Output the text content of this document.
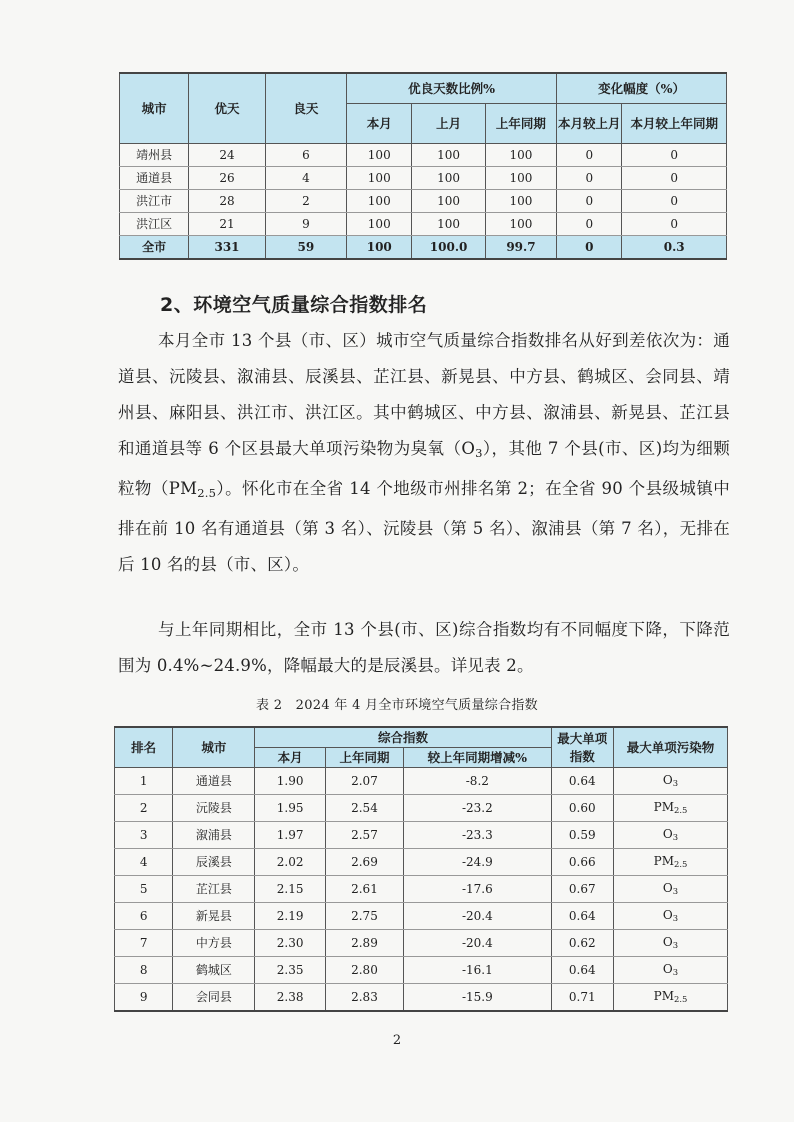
城市	优天	良天	优良天数比例%			变化幅度（%）	
			本月	上月	上年同期	本月较上月	本月较上年同期
靖州县	24	6	100	100	100	0	0
通道县	26	4	100	100	100	0	0
洪江市	28	2	100	100	100	0	0
洪江区	21	9	100	100	100	0	0
全市	331	59	100	100.0	99.7	0	0.3
2、环境空气质量综合指数排名
本月全市 13 个县（市、区）城市空气质量综合指数排名从好到差依次为：通道县、沅陵县、溆浦县、辰溪县、芷江县、新晃县、中方县、鹤城区、会同县、靖州县、麻阳县、洪江市、洪江区。其中鹤城区、中方县、溆浦县、新晃县、芷江县和通道县等 6 个区县最大单项污染物为臭氧$(O_3)$，其他 7 个县(市、区)均为细颗粒物$(PM_{2.5})$。怀化市在全省 14 个地级市州排名第 2；在全省 90 个县级城镇中排在前 10 名有通道县（第 3 名）、沅陵县（第 5 名）、溆浦县（第 7 名），无排在后 10 名的县（市、区）。
与上年同期相比，全市 13 个县(市、区)综合指数均有不同幅度下降，下降范围为 0.4%~24.9%，降幅最大的是辰溪县。详见表 2。
表 2　2024 年 4 月全市环境空气质量综合指数
排名	城市	综合指数			最大单项指数	最大单项污染物
		本月	上年同期	较上年同期增减%		
1	通道县	1.90	2.07	-8.2	0.64	$O_3$
2	沅陵县	1.95	2.54	-23.2	0.60	$PM_{2.5}$
3	溆浦县	1.97	2.57	-23.3	0.59	$O_3$
4	辰溪县	2.02	2.69	-24.9	0.66	$PM_{2.5}$
5	芷江县	2.15	2.61	-17.6	0.67	$O_3$
6	新晃县	2.19	2.75	-20.4	0.64	$O_3$
7	中方县	2.30	2.89	-20.4	0.62	$O_3$
8	鹤城区	2.35	2.80	-16.1	0.64	$O_3$
9	会同县	2.38	2.83	-15.9	0.71	$PM_{2.5}$
2
